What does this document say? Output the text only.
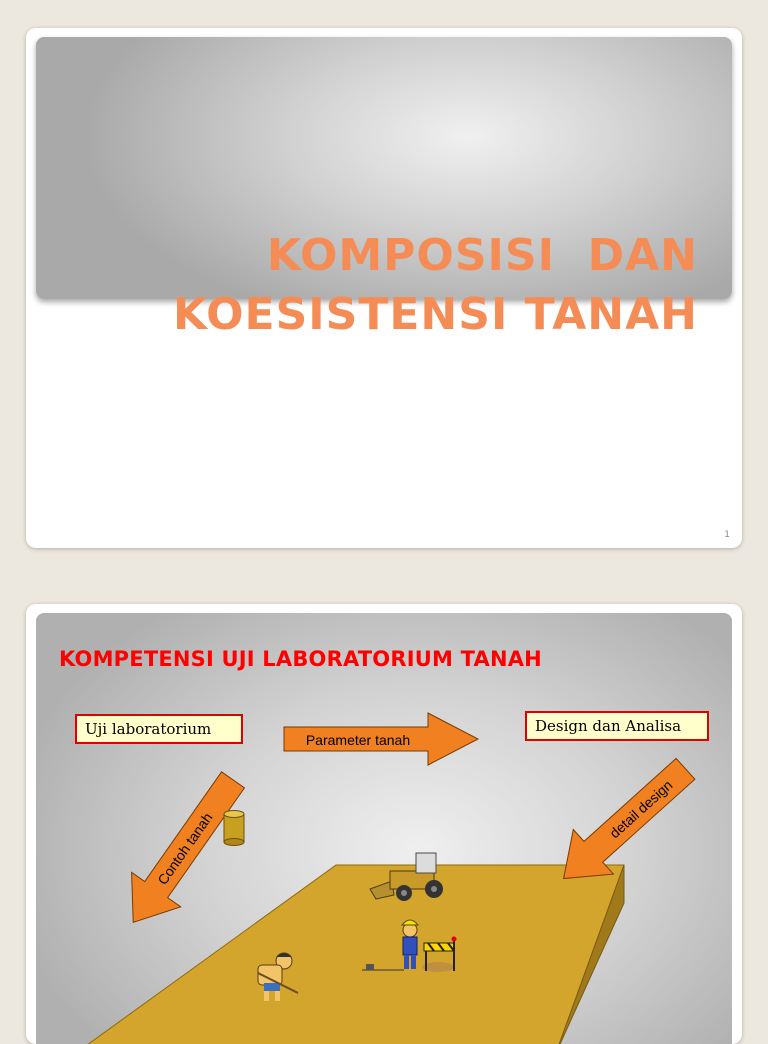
KOMPOSISI  DAN
KOESISTENSI TANAH
1
KOMPETENSI UJI LABORATORIUM TANAH
Parameter tanah
Contoh tanah
detail design
Uji laboratorium	Design dan Analisa
